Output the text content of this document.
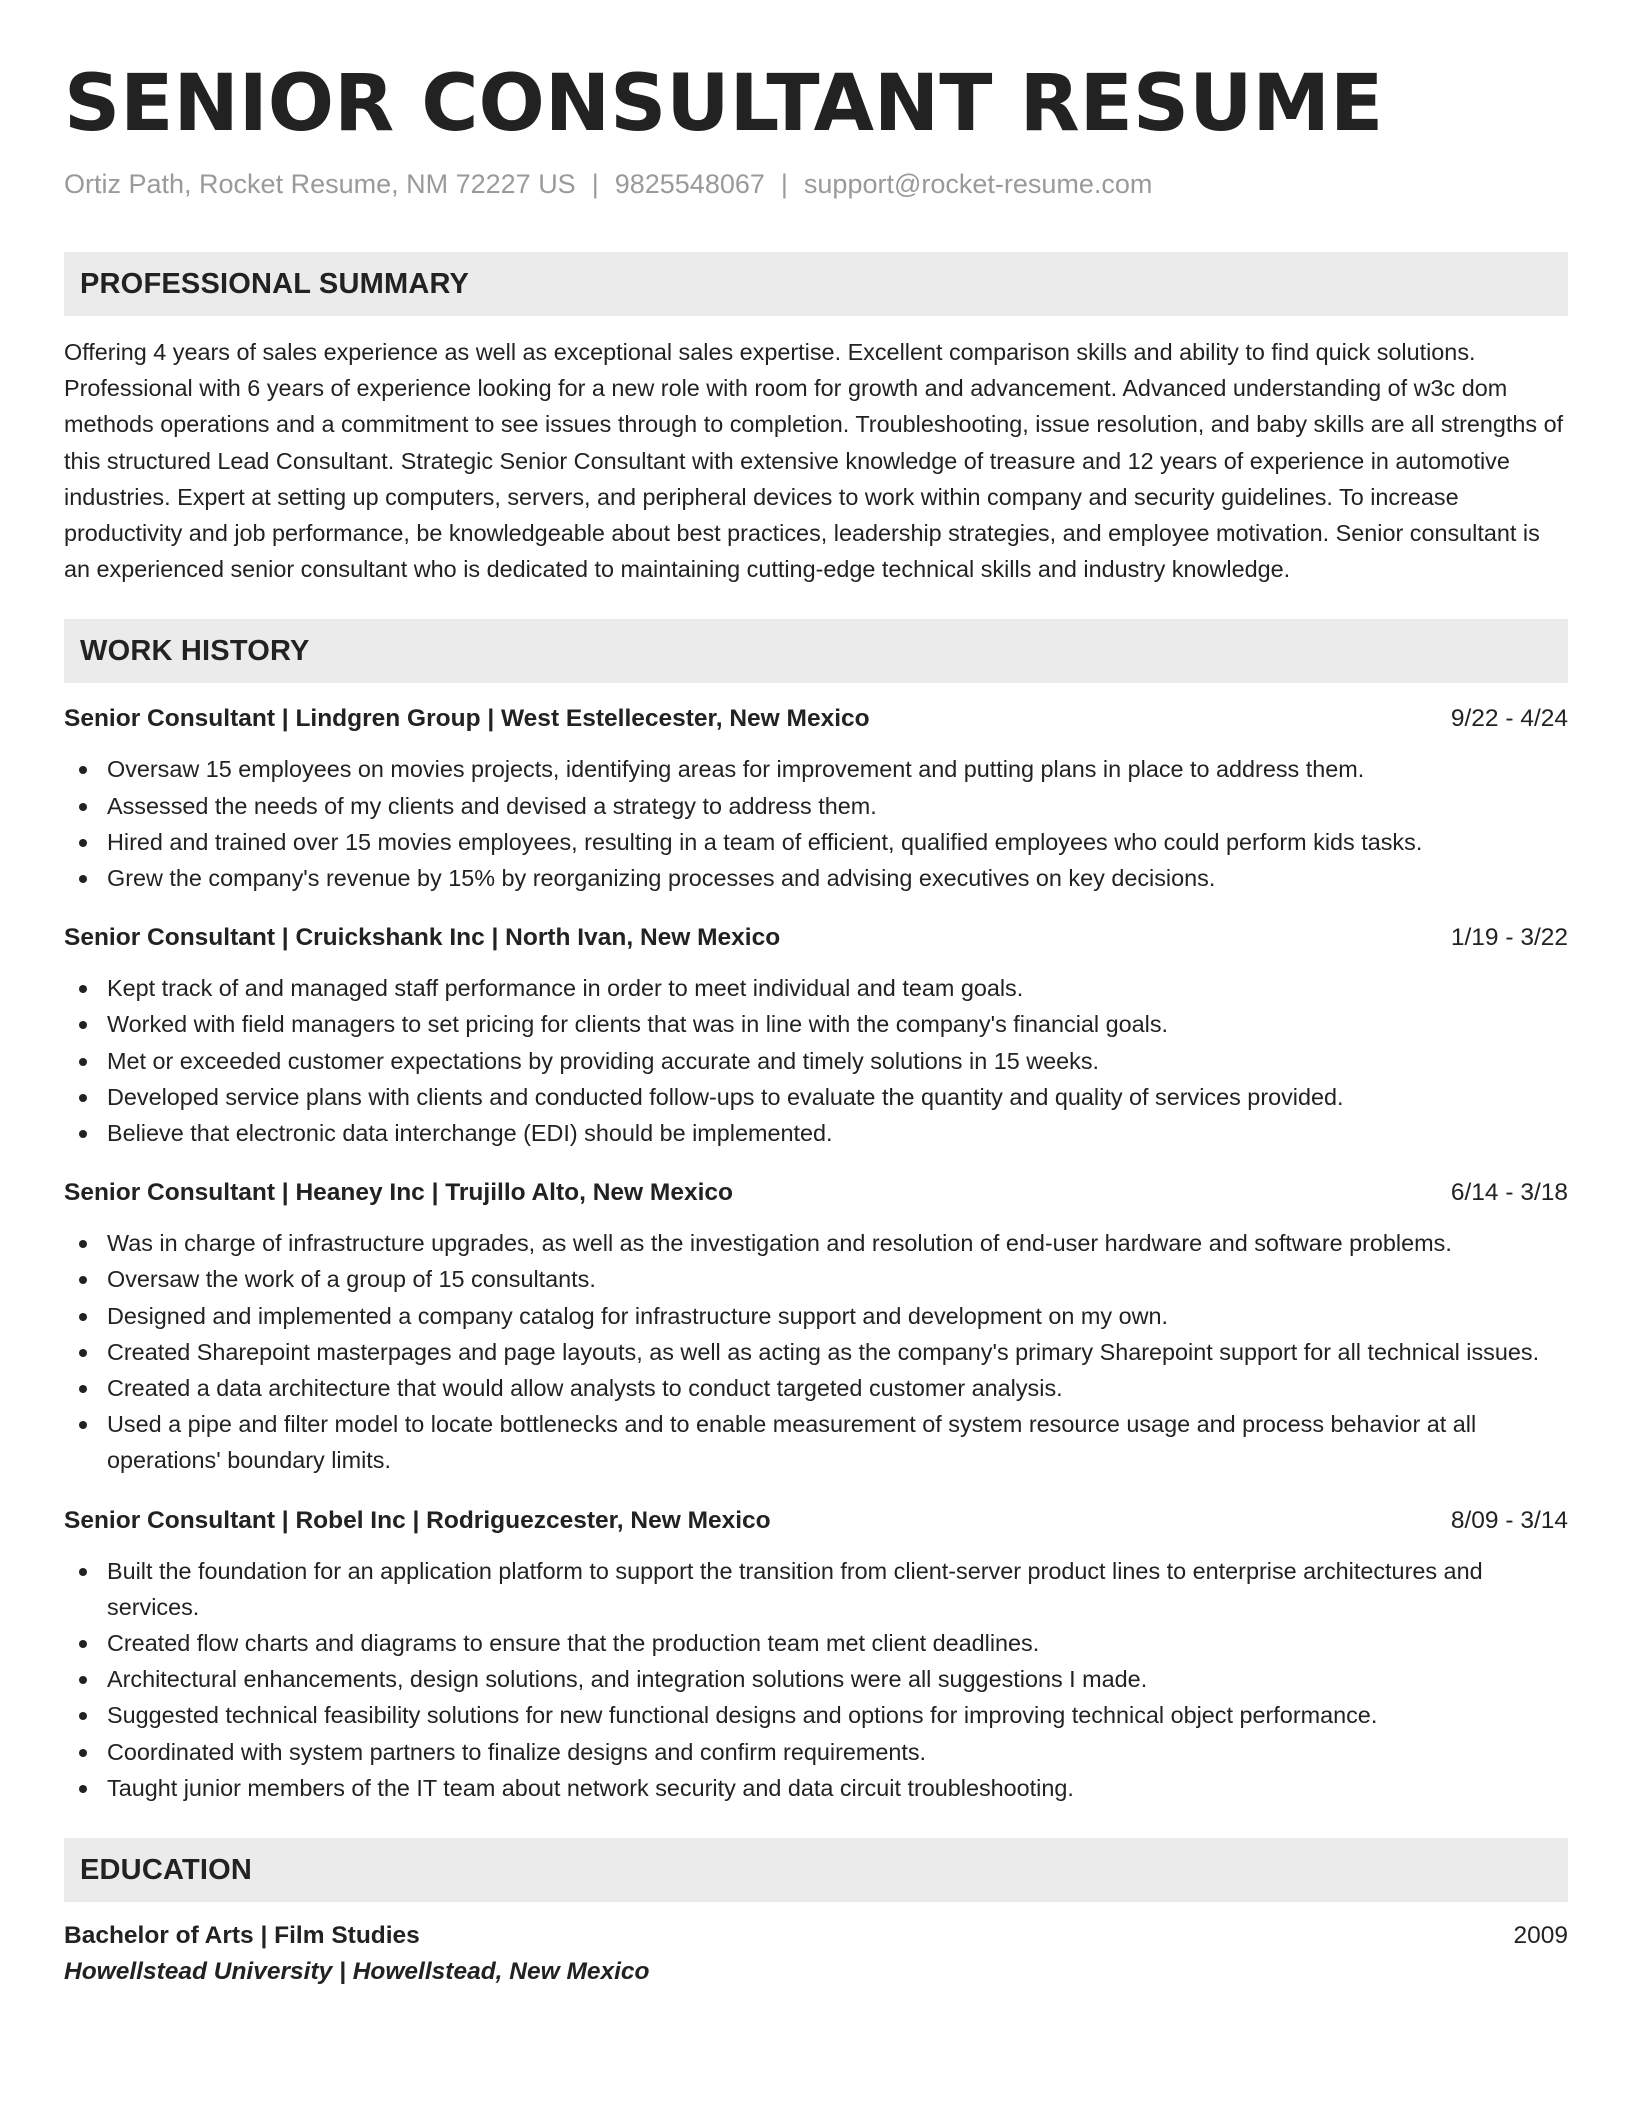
SENIOR CONSULTANT RESUME
Ortiz Path, Rocket Resume, NM 72227 US | 9825548067 | support@rocket-resume.com
PROFESSIONAL SUMMARY

Offering 4 years of sales experience as well as exceptional sales expertise. Excellent comparison skills and ability to find quick solutions. Professional with 6 years of experience looking for a new role with room for growth and advancement. Advanced understanding of w3c dom methods operations and a commitment to see issues through to completion. Troubleshooting, issue resolution, and baby skills are all strengths of this structured Lead Consultant. Strategic Senior Consultant with extensive knowledge of treasure and 12 years of experience in automotive industries. Expert at setting up computers, servers, and peripheral devices to work within company and security guidelines. To increase productivity and job performance, be knowledgeable about best practices, leadership strategies, and employee motivation. Senior consultant is an experienced senior consultant who is dedicated to maintaining cutting-edge technical skills and industry knowledge.

WORK HISTORY
Senior Consultant | Lindgren Group | West Estellecester, New Mexico	9/22 - 4/24
Oversaw 15 employees on movies projects, identifying areas for improvement and putting plans in place to address them.
Assessed the needs of my clients and devised a strategy to address them.
Hired and trained over 15 movies employees, resulting in a team of efficient, qualified employees who could perform kids tasks.
Grew the company's revenue by 15% by reorganizing processes and advising executives on key decisions.
Senior Consultant | Cruickshank Inc | North Ivan, New Mexico	1/19 - 3/22
Kept track of and managed staff performance in order to meet individual and team goals.
Worked with field managers to set pricing for clients that was in line with the company's financial goals.
Met or exceeded customer expectations by providing accurate and timely solutions in 15 weeks.
Developed service plans with clients and conducted follow-ups to evaluate the quantity and quality of services provided.
Believe that electronic data interchange (EDI) should be implemented.
Senior Consultant | Heaney Inc | Trujillo Alto, New Mexico	6/14 - 3/18
Was in charge of infrastructure upgrades, as well as the investigation and resolution of end-user hardware and software problems.
Oversaw the work of a group of 15 consultants.
Designed and implemented a company catalog for infrastructure support and development on my own.
Created Sharepoint masterpages and page layouts, as well as acting as the company's primary Sharepoint support for all technical issues.
Created a data architecture that would allow analysts to conduct targeted customer analysis.
Used a pipe and filter model to locate bottlenecks and to enable measurement of system resource usage and process behavior at all operations' boundary limits.
Senior Consultant | Robel Inc | Rodriguezcester, New Mexico	8/09 - 3/14
Built the foundation for an application platform to support the transition from client-server product lines to enterprise architectures and services.
Created flow charts and diagrams to ensure that the production team met client deadlines.
Architectural enhancements, design solutions, and integration solutions were all suggestions I made.
Suggested technical feasibility solutions for new functional designs and options for improving technical object performance.
Coordinated with system partners to finalize designs and confirm requirements.
Taught junior members of the IT team about network security and data circuit troubleshooting.
EDUCATION
Bachelor of Arts | Film Studies	2009
Howellstead University | Howellstead, New Mexico
